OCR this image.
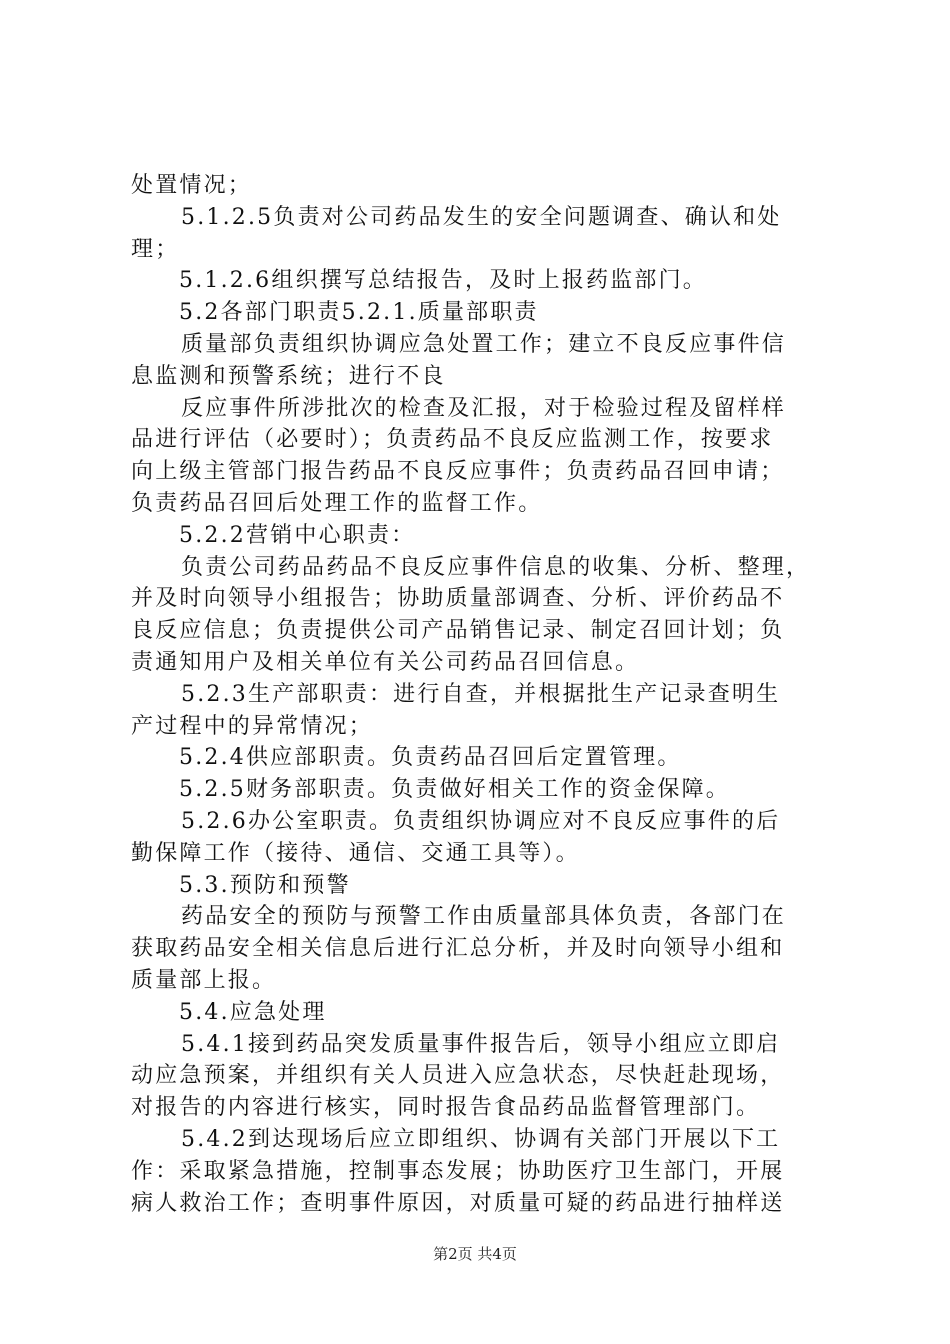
处置情况；
5.1.2.5负责对公司药品发生的安全问题调查、确认和处
理；
5.1.2.6组织撰写总结报告，及时上报药监部门。
5.2各部门职责5.2.1.质量部职责
质量部负责组织协调应急处置工作；建立不良反应事件信
息监测和预警系统；进行不良
反应事件所涉批次的检查及汇报，对于检验过程及留样样
品进行评估（必要时）；负责药品不良反应监测工作，按要求
向上级主管部门报告药品不良反应事件；负责药品召回申请；
负责药品召回后处理工作的监督工作。
5.2.2营销中心职责：
负责公司药品药品不良反应事件信息的收集、分析、整理，
并及时向领导小组报告；协助质量部调查、分析、评价药品不
良反应信息；负责提供公司产品销售记录、制定召回计划；负
责通知用户及相关单位有关公司药品召回信息。
5.2.3生产部职责：进行自查，并根据批生产记录查明生
产过程中的异常情况；
5.2.4供应部职责。负责药品召回后定置管理。
5.2.5财务部职责。负责做好相关工作的资金保障。
5.2.6办公室职责。负责组织协调应对不良反应事件的后
勤保障工作（接待、通信、交通工具等）。
5.3.预防和预警
药品安全的预防与预警工作由质量部具体负责，各部门在
获取药品安全相关信息后进行汇总分析，并及时向领导小组和
质量部上报。
5.4.应急处理
5.4.1接到药品突发质量事件报告后，领导小组应立即启
动应急预案，并组织有关人员进入应急状态，尽快赶赴现场，
对报告的内容进行核实，同时报告食品药品监督管理部门。
5.4.2到达现场后应立即组织、协调有关部门开展以下工
作：采取紧急措施，控制事态发展；协助医疗卫生部门，开展
病人救治工作；查明事件原因，对质量可疑的药品进行抽样送
第2页 共4页
